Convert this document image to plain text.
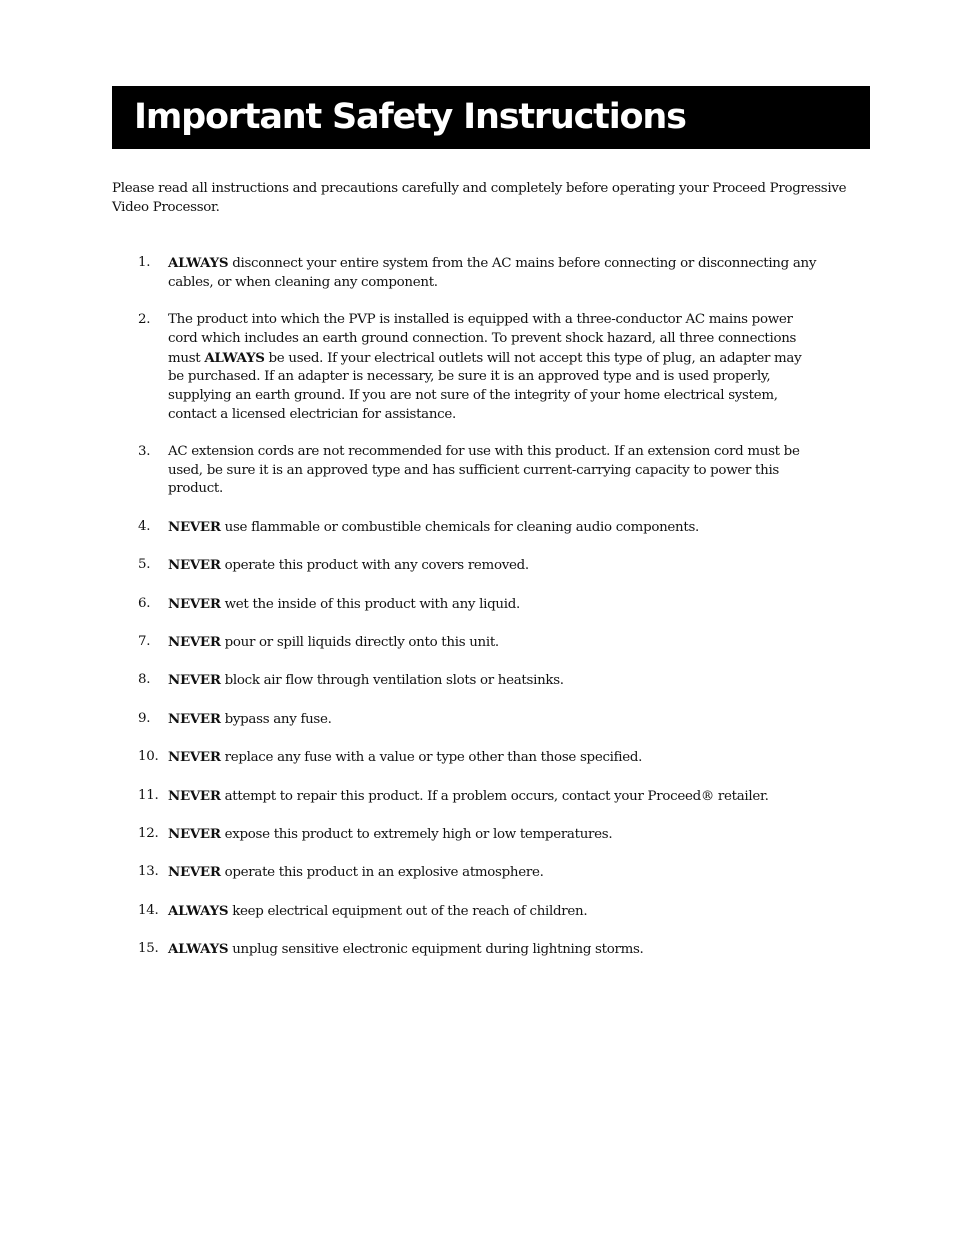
Important Safety Instructions

Please read all instructions and precautions carefully and completely before operating your Proceed Progressive Video Processor.

1. ALWAYS disconnect your entire system from the AC mains before connecting or disconnecting any cables, or when cleaning any component.
2. The product into which the PVP is installed is equipped with a three-conductor AC mains power cord which includes an earth ground connection. To prevent shock hazard, all three connections must ALWAYS be used. If your electrical outlets will not accept this type of plug, an adapter may be purchased. If an adapter is necessary, be sure it is an approved type and is used properly, supplying an earth ground. If you are not sure of the integrity of your home electrical system, contact a licensed electrician for assistance.
3. AC extension cords are not recommended for use with this product. If an extension cord must be used, be sure it is an approved type and has sufficient current-carrying capacity to power this product.
4. NEVER use flammable or combustible chemicals for cleaning audio components.
5. NEVER operate this product with any covers removed.
6. NEVER wet the inside of this product with any liquid.
7. NEVER pour or spill liquids directly onto this unit.
8. NEVER block air flow through ventilation slots or heatsinks.
9. NEVER bypass any fuse.
10. NEVER replace any fuse with a value or type other than those specified.
11. NEVER attempt to repair this product. If a problem occurs, contact your Proceed® retailer.
12. NEVER expose this product to extremely high or low temperatures.
13. NEVER operate this product in an explosive atmosphere.
14. ALWAYS keep electrical equipment out of the reach of children.
15. ALWAYS unplug sensitive electronic equipment during lightning storms.
